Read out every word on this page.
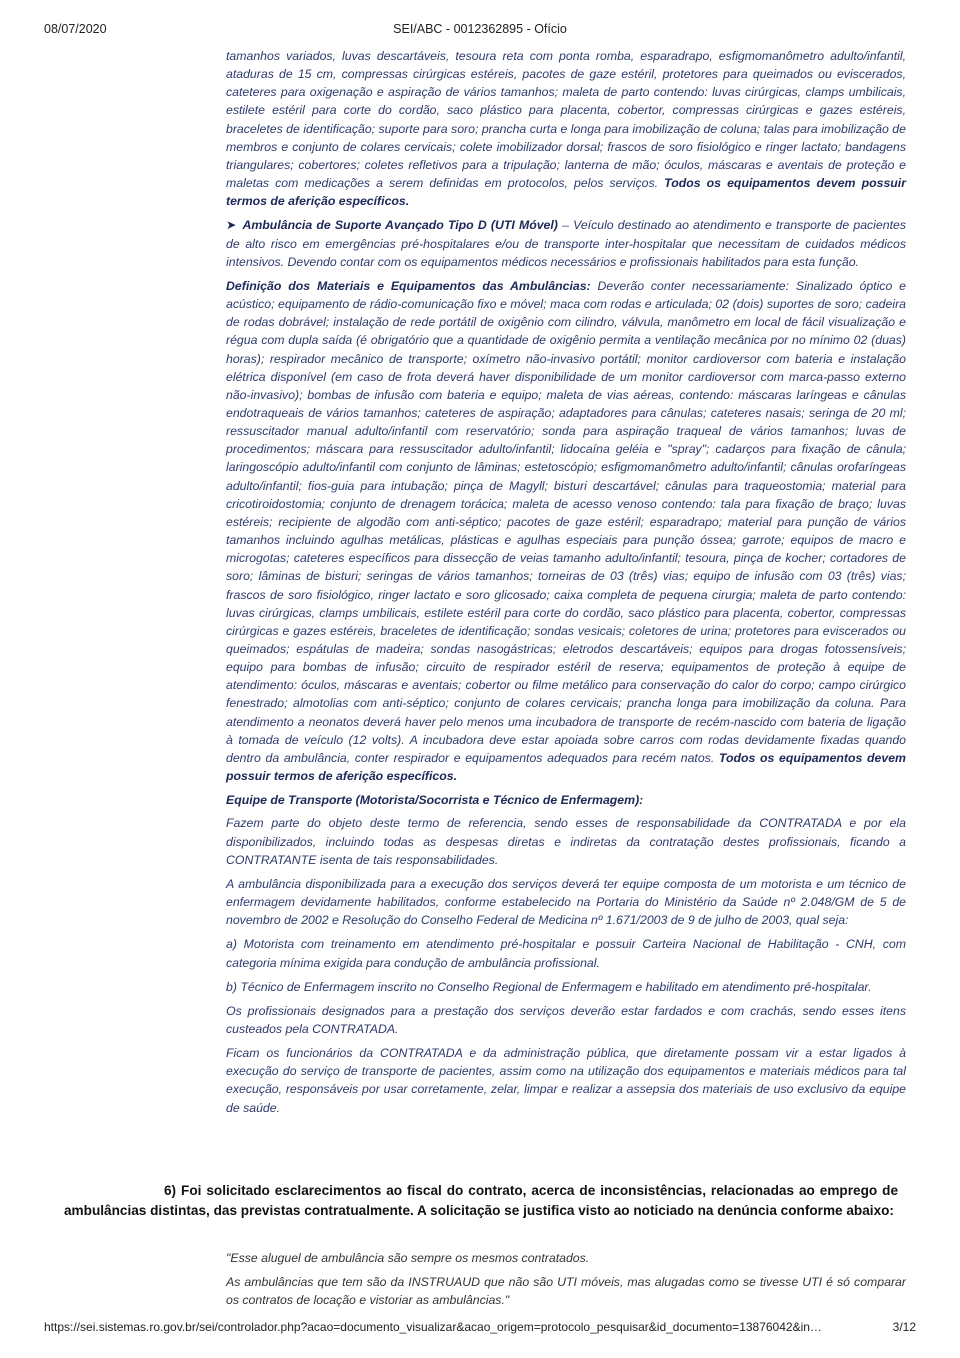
08/07/2020	SEI/ABC - 0012362895 - Ofício

tamanhos variados, luvas descartáveis, tesoura reta com ponta romba, esparadrapo, esfigmomanômetro adulto/infantil, ataduras de 15 cm, compressas cirúrgicas estéreis, pacotes de gaze estéril, protetores para queimados ou eviscerados, cateteres para oxigenação e aspiração de vários tamanhos; maleta de parto contendo: luvas cirúrgicas, clamps umbilicais, estilete estéril para corte do cordão, saco plástico para placenta, cobertor, compressas cirúrgicas e gazes estéreis, braceletes de identificação; suporte para soro; prancha curta e longa para imobilização de coluna; talas para imobilização de membros e conjunto de colares cervicais; colete imobilizador dorsal; frascos de soro fisiológico e ringer lactato; bandagens triangulares; cobertores; coletes refletivos para a tripulação; lanterna de mão; óculos, máscaras e aventais de proteção e maletas com medicações a serem definidas em protocolos, pelos serviços. Todos os equipamentos devem possuir termos de aferição específicos.

➤ Ambulância de Suporte Avançado Tipo D (UTI Móvel) – Veículo destinado ao atendimento e transporte de pacientes de alto risco em emergências pré-hospitalares e/ou de transporte inter-hospitalar que necessitam de cuidados médicos intensivos. Devendo contar com os equipamentos médicos necessários e profissionais habilitados para esta função.

Definição dos Materiais e Equipamentos das Ambulâncias: Deverão conter necessariamente: Sinalizado óptico e acústico; equipamento de rádio-comunicação fixo e móvel; maca com rodas e articulada; 02 (dois) suportes de soro; cadeira de rodas dobrável; instalação de rede portátil de oxigênio com cilindro, válvula, manômetro em local de fácil visualização e régua com dupla saída (é obrigatório que a quantidade de oxigênio permita a ventilação mecânica por no mínimo 02 (duas) horas); respirador mecânico de transporte; oxímetro não-invasivo portátil; monitor cardioversor com bateria e instalação elétrica disponível (em caso de frota deverá haver disponibilidade de um monitor cardioversor com marca-passo externo não-invasivo); bombas de infusão com bateria e equipo; maleta de vias aéreas, contendo: máscaras laríngeas e cânulas endotraqueais de vários tamanhos; cateteres de aspiração; adaptadores para cânulas; cateteres nasais; seringa de 20 ml; ressuscitador manual adulto/infantil com reservatório; sonda para aspiração traqueal de vários tamanhos; luvas de procedimentos; máscara para ressuscitador adulto/infantil; lidocaína geléia e "spray"; cadarços para fixação de cânula; laringoscópio adulto/infantil com conjunto de lâminas; estetoscópio; esfigmomanômetro adulto/infantil; cânulas orofaríngeas adulto/infantil; fios-guia para intubação; pinça de Magyll; bisturi descartável; cânulas para traqueostomia; material para cricotiroidostomia; conjunto de drenagem torácica; maleta de acesso venoso contendo: tala para fixação de braço; luvas estéreis; recipiente de algodão com anti-séptico; pacotes de gaze estéril; esparadrapo; material para punção de vários tamanhos incluindo agulhas metálicas, plásticas e agulhas especiais para punção óssea; garrote; equipos de macro e microgotas; cateteres específicos para dissecção de veias tamanho adulto/infantil; tesoura, pinça de kocher; cortadores de soro; lâminas de bisturi; seringas de vários tamanhos; torneiras de 03 (três) vias; equipo de infusão com 03 (três) vias; frascos de soro fisiológico, ringer lactato e soro glicosado; caixa completa de pequena cirurgia; maleta de parto contendo: luvas cirúrgicas, clamps umbilicais, estilete estéril para corte do cordão, saco plástico para placenta, cobertor, compressas cirúrgicas e gazes estéreis, braceletes de identificação; sondas vesicais; coletores de urina; protetores para eviscerados ou queimados; espátulas de madeira; sondas nasogástricas; eletrodos descartáveis; equipos para drogas fotossensíveis; equipo para bombas de infusão; circuito de respirador estéril de reserva; equipamentos de proteção à equipe de atendimento: óculos, máscaras e aventais; cobertor ou filme metálico para conservação do calor do corpo; campo cirúrgico fenestrado; almotolias com anti-séptico; conjunto de colares cervicais; prancha longa para imobilização da coluna. Para atendimento a neonatos deverá haver pelo menos uma incubadora de transporte de recém-nascido com bateria de ligação à tomada de veículo (12 volts). A incubadora deve estar apoiada sobre carros com rodas devidamente fixadas quando dentro da ambulância, conter respirador e equipamentos adequados para recém natos. Todos os equipamentos devem possuir termos de aferição específicos.

Equipe de Transporte (Motorista/Socorrista e Técnico de Enfermagem):

Fazem parte do objeto deste termo de referencia, sendo esses de responsabilidade da CONTRATADA e por ela disponibilizados, incluindo todas as despesas diretas e indiretas da contratação destes profissionais, ficando a CONTRATANTE isenta de tais responsabilidades.

A ambulância disponibilizada para a execução dos serviços deverá ter equipe composta de um motorista e um técnico de enfermagem devidamente habilitados, conforme estabelecido na Portaria do Ministério da Saúde nº 2.048/GM de 5 de novembro de 2002 e Resolução do Conselho Federal de Medicina nº 1.671/2003 de 9 de julho de 2003, qual seja:

a) Motorista com treinamento em atendimento pré-hospitalar e possuir Carteira Nacional de Habilitação - CNH, com categoria mínima exigida para condução de ambulância profissional.

b) Técnico de Enfermagem inscrito no Conselho Regional de Enfermagem e habilitado em atendimento pré-hospitalar.

Os profissionais designados para a prestação dos serviços deverão estar fardados e com crachás, sendo esses itens custeados pela CONTRATADA.

Ficam os funcionários da CONTRATADA e da administração pública, que diretamente possam vir a estar ligados à execução do serviço de transporte de pacientes, assim como na utilização dos equipamentos e materiais médicos para tal execução, responsáveis por usar corretamente, zelar, limpar e realizar a assepsia dos materiais de uso exclusivo da equipe de saúde.

6) Foi solicitado esclarecimentos ao fiscal do contrato, acerca de inconsistências, relacionadas ao emprego de ambulâncias distintas, das previstas contratualmente. A solicitação se justifica visto ao noticiado na denúncia conforme abaixo:

"Esse aluguel de ambulância são sempre os mesmos contratados.

As ambulâncias que tem são da INSTRUAUD que não são UTI móveis, mas alugadas como se tivesse UTI é só comparar os contratos de locação e vistoriar as ambulâncias."

https://sei.sistemas.ro.gov.br/sei/controlador.php?acao=documento_visualizar&acao_origem=protocolo_pesquisar&id_documento=13876042&in…	3/12
